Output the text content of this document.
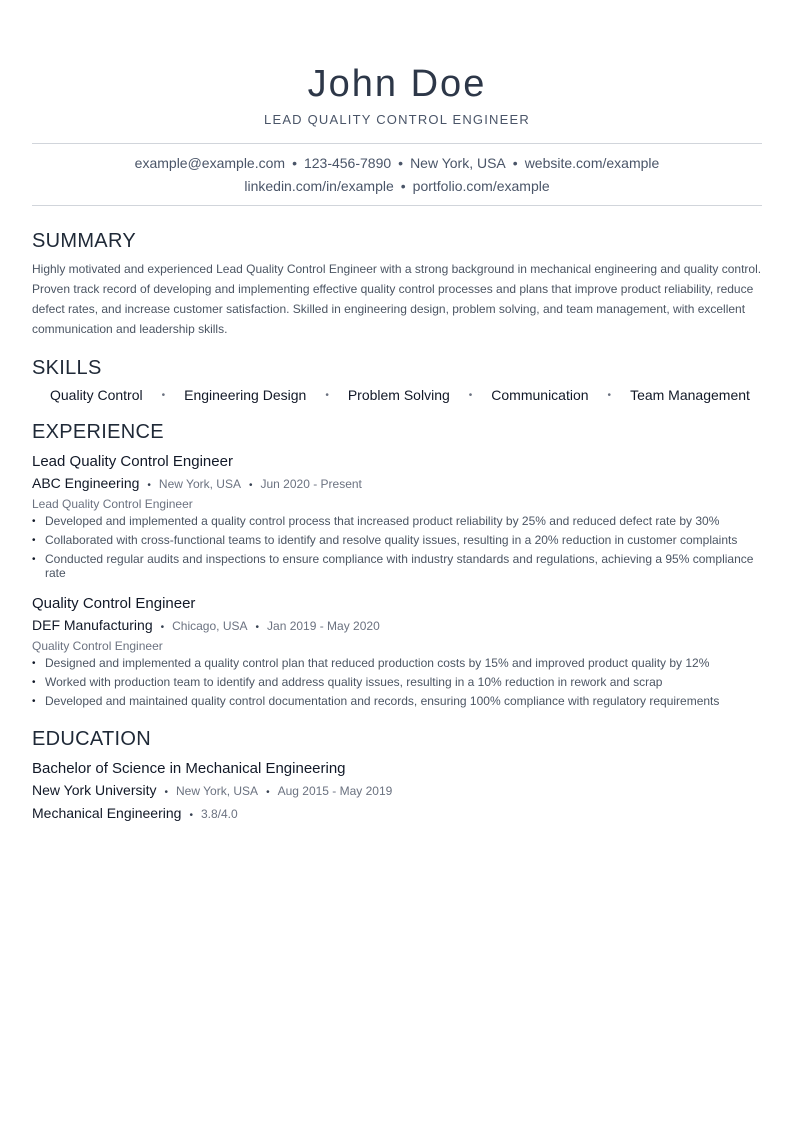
John Doe
LEAD QUALITY CONTROL ENGINEER
example@example.com • 123-456-7890 • New York, USA • website.com/example
linkedin.com/in/example • portfolio.com/example
SUMMARY
Highly motivated and experienced Lead Quality Control Engineer with a strong background in mechanical engineering and quality control. Proven track record of developing and implementing effective quality control processes and plans that improve product reliability, reduce defect rates, and increase customer satisfaction. Skilled in engineering design, problem solving, and team management, with excellent communication and leadership skills.
SKILLS
Quality Control • Engineering Design • Problem Solving • Communication • Team Management
EXPERIENCE
Lead Quality Control Engineer
ABC Engineering • New York, USA • Jun 2020 - Present
Lead Quality Control Engineer
• Developed and implemented a quality control process that increased product reliability by 25% and reduced defect rate by 30%
• Collaborated with cross-functional teams to identify and resolve quality issues, resulting in a 20% reduction in customer complaints
• Conducted regular audits and inspections to ensure compliance with industry standards and regulations, achieving a 95% compliance rate
Quality Control Engineer
DEF Manufacturing • Chicago, USA • Jan 2019 - May 2020
Quality Control Engineer
• Designed and implemented a quality control plan that reduced production costs by 15% and improved product quality by 12%
• Worked with production team to identify and address quality issues, resulting in a 10% reduction in rework and scrap
• Developed and maintained quality control documentation and records, ensuring 100% compliance with regulatory requirements
EDUCATION
Bachelor of Science in Mechanical Engineering
New York University • New York, USA • Aug 2015 - May 2019
Mechanical Engineering • 3.8/4.0
